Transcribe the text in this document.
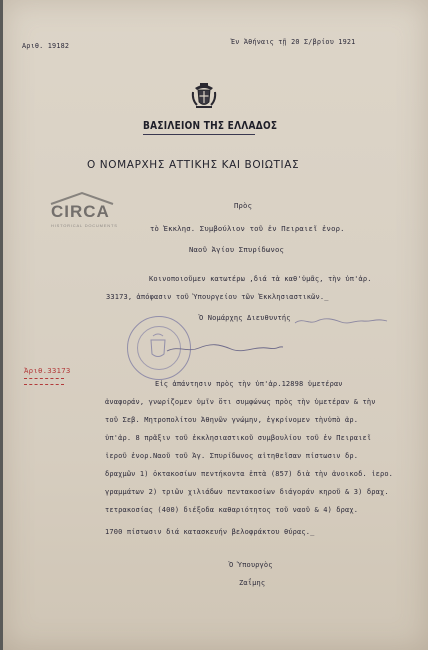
Αριθ. 19182	Ἐν Ἀθήναις τῇ 20 Σ/βρίου 1921
ΒΑΣΙΛΕΙΟΝ ΤΗΣ ΕΛΛΑΔΟΣ
Ο ΝΟΜΑΡΧΗΣ ΑΤΤΙΚΗΣ ΚΑΙ ΒΟΙΩΤΙΑΣ
CIRCA
HISTORICAL DOCUMENTS
Πρὸς
τὸ Ἐκκλησ. Συμβούλιον τοῦ ἐν Πειραιεῖ ἐνορ.
Ναοῦ Ἁγίου Σπυρίδωνος
Κοινοποιοῦμεν κατωτέρω ,διά τὰ καθ'ὑμᾶς, τὴν ὑπ'ἀρ.
33173, ἀπόφασιν τοῦ Ὑπουργείου τῶν Ἐκκλησιαστικῶν._
Ὁ Νομάρχης Διευθυντής
Ἀριθ.33173
Εἰς ἀπάντησιν πρὸς τὴν ὑπ'ἀρ.12898 ὑμετέραν
ἀναφοράν, γνωρίζομεν ὑμῖν ὅτι συμφώνως πρὸς τὴν ὑμετέραν & τὴν
τοῦ Σεβ. Μητροπολίτου Ἀθηνῶν γνώμην, ἐγκρίνομεν τὴνὑπὸ ἀρ.
ὑπ'ἀρ. 8 πρᾶξιν τοῦ ἐκκλησιαστικοῦ συμβουλίου τοῦ ἐν Πειραιεῖ
ἱεροῦ ἐνορ.Ναοῦ τοῦ Ἁγ. Σπυρίδωνος αἰτηθεῖσαν πίστωσιν δρ.
δραχμῶν 1) ὀκτακοσίων πεντήκοντα ἑπτὰ (857) διὰ τὴν ἀνοικοδ. ἱερο.
γραμμάτων 2) τριῶν χιλιάδων πεντακοσίων διάγοράν κηροῦ & 3) δραχ.
τετρακοσίας (400) διέξοδα καθαριότητος τοῦ ναοῦ & 4) δραχ.
1700 πίστωσιν διά κατασκευήν βελοφράκτου θύρας._
Ὁ Ὑπουργὸς
Ζαΐμης
